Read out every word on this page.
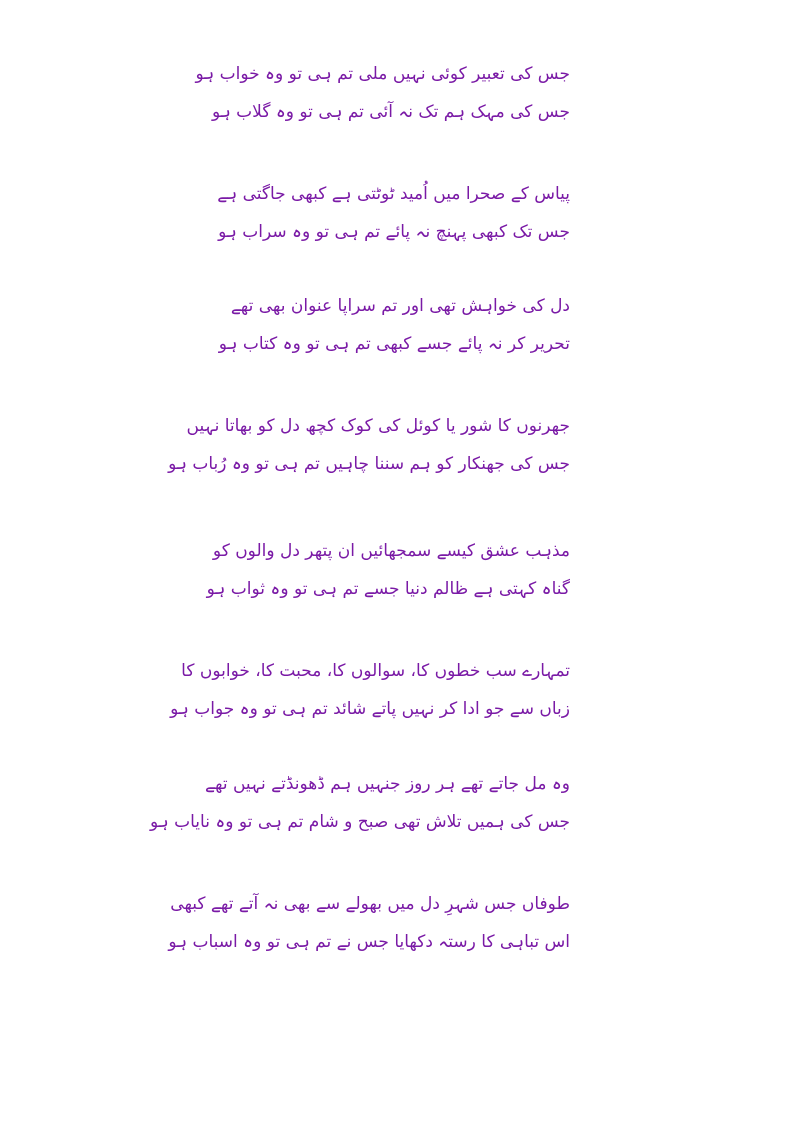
جس کی تعبیر کوئی نہیں ملی تم ہی تو وہ خواب ہو
جس کی مہک ہم تک نہ آئی تم ہی تو وہ گلاب ہو
پیاس کے صحرا میں اُمید ٹوٹتی ہے کبھی جاگتی ہے
جس تک کبھی پہنچ نہ پائے تم ہی تو وہ سراب ہو
دل کی خواہش تھی اور تم سراپا عنوان بھی تھے
تحریر کر نہ پائے جسے کبھی تم ہی تو وہ کتاب ہو
جھرنوں کا شور یا کوئل کی کوک کچھ دل کو بھاتا نہیں
جس کی جھنکار کو ہم سننا چاہیں تم ہی تو وہ رُباب ہو
مذہب عشق کیسے سمجھائیں ان پتھر دل والوں کو
گناہ کہتی ہے ظالم دنیا جسے تم ہی تو وہ ثواب ہو
تمہارے سب خطوں کا، سوالوں کا، محبت کا، خوابوں کا
زباں سے جو ادا کر نہیں پاتے شائد تم ہی تو وہ جواب ہو
وہ مل جاتے تھے ہر روز جنہیں ہم ڈھونڈتے نہیں تھے
جس کی ہمیں تلاش تھی صبح و شام تم ہی تو وہ نایاب ہو
طوفاں جس شہرِ دل میں بھولے سے بھی نہ آتے تھے کبھی
اس تباہی کا رستہ دکھایا جس نے تم ہی تو وہ اسباب ہو
